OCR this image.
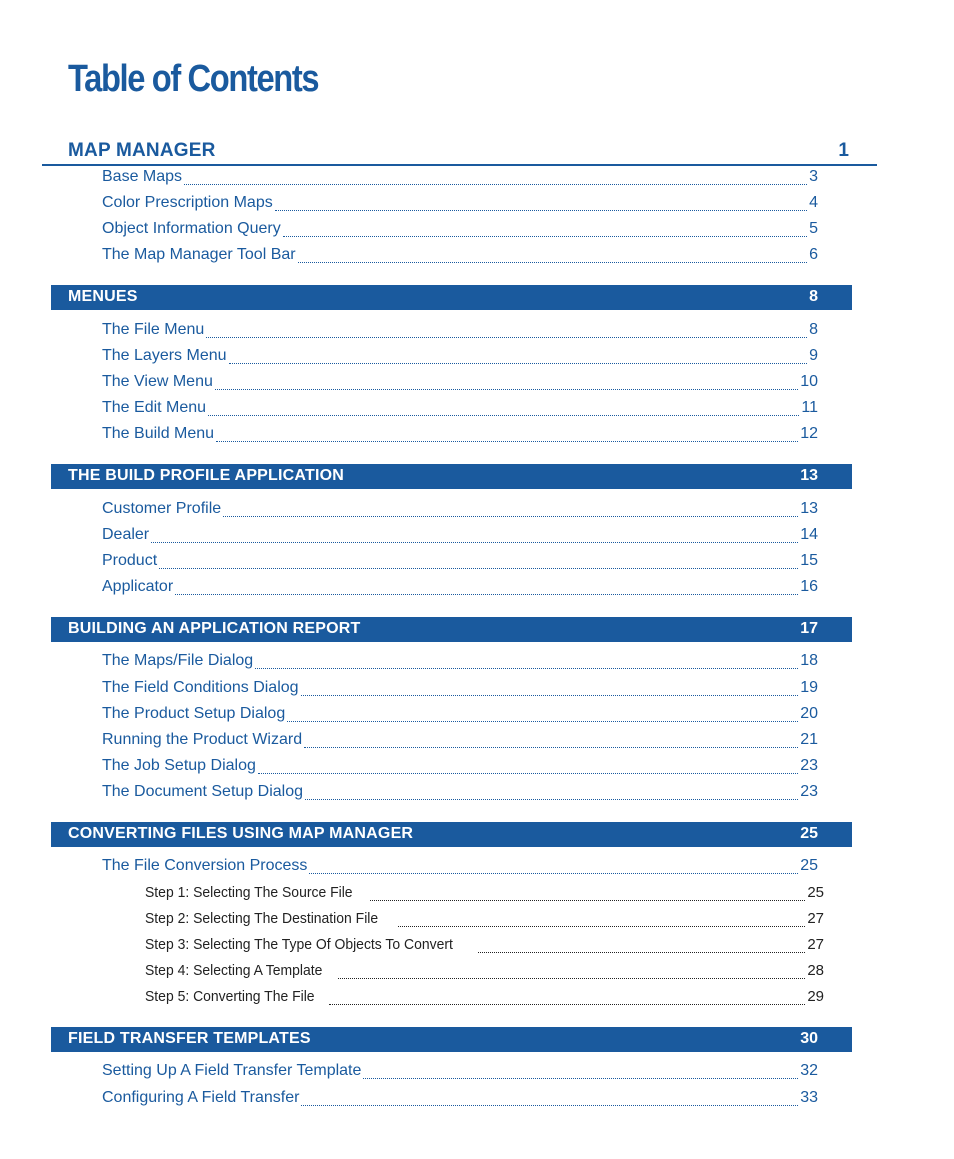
Table of Contents
MAP MANAGER	1
Base Maps	3
Color Prescription Maps	4
Object Information Query	5
The Map Manager Tool Bar	6
MENUES	8
The File Menu	8
The Layers Menu	9
The View Menu	10
The Edit Menu	11
The Build Menu	12
THE BUILD PROFILE APPLICATION	13
Customer Profile	13
Dealer	14
Product	15
Applicator	16
BUILDING AN APPLICATION REPORT	17
The Maps/File Dialog	18
The Field Conditions Dialog	19
The Product Setup Dialog	20
Running the Product Wizard	21
The Job Setup Dialog	23
The Document Setup Dialog	23
CONVERTING FILES USING MAP MANAGER	25
The File Conversion Process	25
Step 1: Selecting The Source File	25
Step 2: Selecting The Destination File	27
Step 3: Selecting The Type Of Objects To Convert	27
Step 4: Selecting A Template	28
Step 5: Converting The File	29
FIELD TRANSFER TEMPLATES	30
Setting Up A Field Transfer Template	32
Configuring A Field Transfer	33
